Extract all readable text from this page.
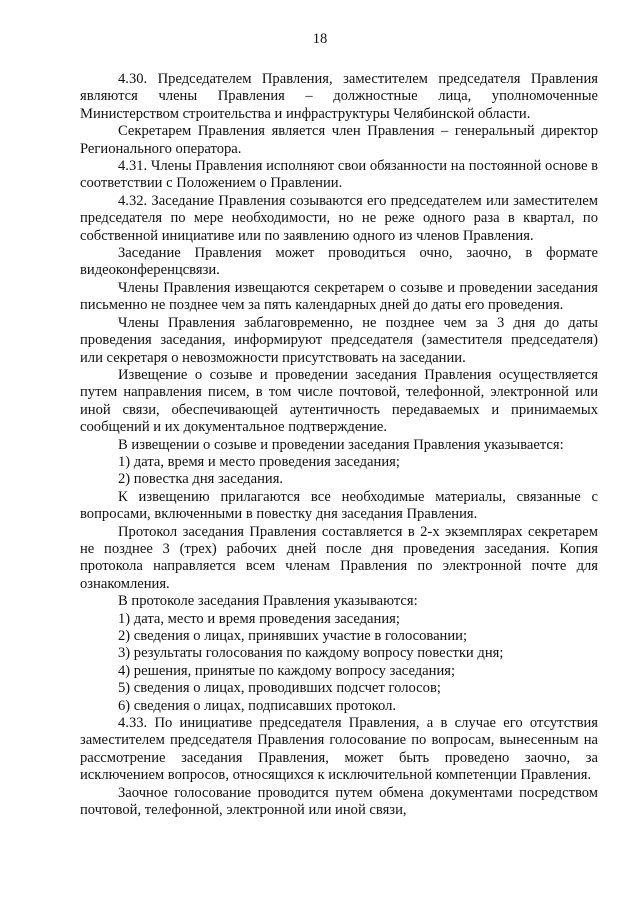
18

4.30. Председателем Правления, заместителем председателя Правления являются члены Правления – должностные лица, уполномоченные Министерством строительства и инфраструктуры Челябинской области.

Секретарем Правления является член Правления – генеральный директор Регионального оператора.

4.31. Члены Правления исполняют свои обязанности на постоянной основе в соответствии с Положением о Правлении.

4.32. Заседание Правления созываются его председателем или заместителем председателя по мере необходимости, но не реже одного раза в квартал, по собственной инициативе или по заявлению одного из членов Правления.

Заседание Правления может проводиться очно, заочно, в формате видеоконференцсвязи.

Члены Правления извещаются секретарем о созыве и проведении заседания письменно не позднее чем за пять календарных дней до даты его проведения.

Члены Правления заблаговременно, не позднее чем за 3 дня до даты проведения заседания, информируют председателя (заместителя председателя) или секретаря о невозможности присутствовать на заседании.

Извещение о созыве и проведении заседания Правления осуществляется путем направления писем, в том числе почтовой, телефонной, электронной или иной связи, обеспечивающей аутентичность передаваемых и принимаемых сообщений и их документальное подтверждение.

В извещении о созыве и проведении заседания Правления указывается:

1) дата, время и место проведения заседания;

2) повестка дня заседания.

К извещению прилагаются все необходимые материалы, связанные с вопросами, включенными в повестку дня заседания Правления.

Протокол заседания Правления составляется в 2-х экземплярах секретарем не позднее 3 (трех) рабочих дней после дня проведения заседания. Копия протокола направляется всем членам Правления по электронной почте для ознакомления.

В протоколе заседания Правления указываются:

1) дата, место и время проведения заседания;

2) сведения о лицах, принявших участие в голосовании;

3) результаты голосования по каждому вопросу повестки дня;

4) решения, принятые по каждому вопросу заседания;

5) сведения о лицах, проводивших подсчет голосов;

6) сведения о лицах, подписавших протокол.

4.33. По инициативе председателя Правления, а в случае его отсутствия заместителем председателя Правления голосование по вопросам, вынесенным на рассмотрение заседания Правления, может быть проведено заочно, за исключением вопросов, относящихся к исключительной компетенции Правления.

Заочное голосование проводится путем обмена документами посредством почтовой, телефонной, электронной или иной связи,
